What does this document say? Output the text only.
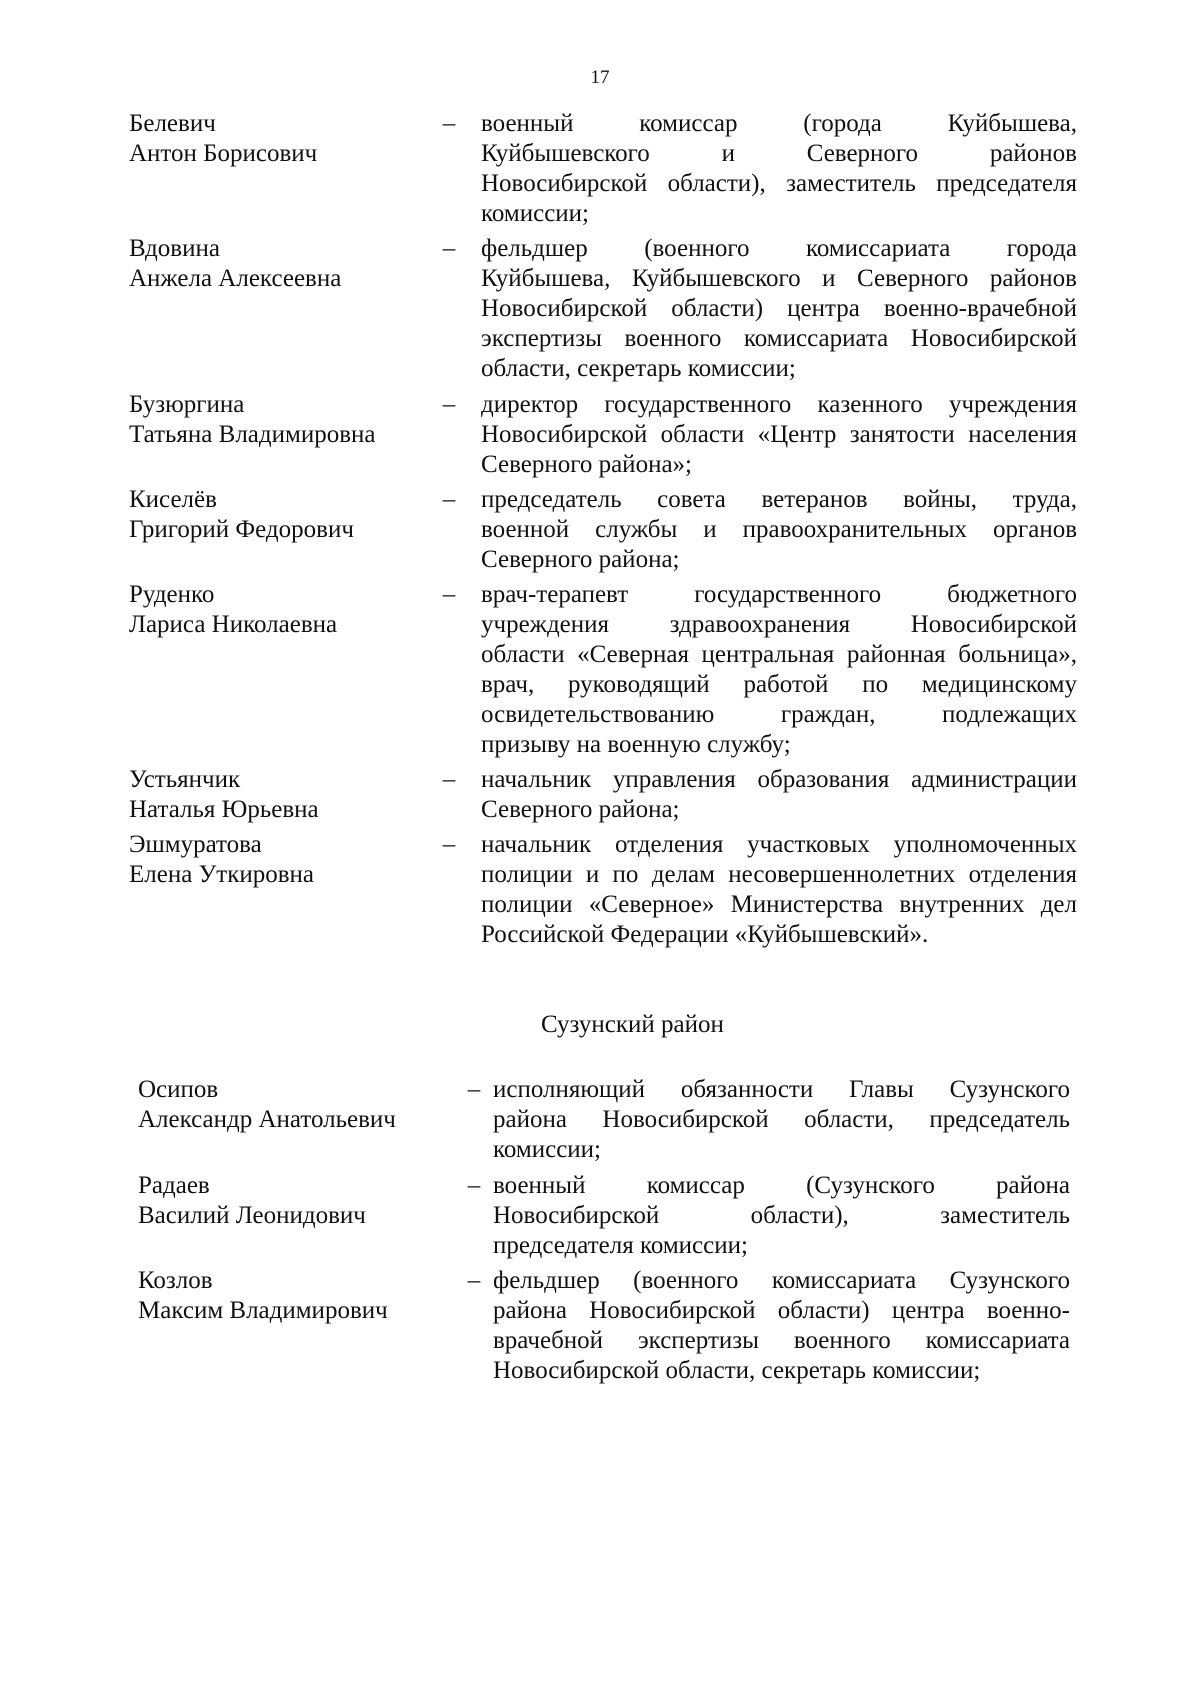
17
Белевич
Антон Борисович
–	военный комиссар (города Куйбышева,
Куйбышевского и Северного районов
Новосибирской области), заместитель председателя
комиссии;
Вдовина
Анжела Алексеевна
–	фельдшер (военного комиссариата города
Куйбышева, Куйбышевского и Северного районов
Новосибирской области) центра военно-врачебной
экспертизы военного комиссариата Новосибирской
области, секретарь комиссии;
Бузюргина
Татьяна Владимировна
–	директор государственного казенного учреждения
Новосибирской области «Центр занятости населения
Северного района»;
Киселёв
Григорий Федорович
–	председатель совета ветеранов войны, труда,
военной службы и правоохранительных органов
Северного района;
Руденко
Лариса Николаевна
–	врач-терапевт государственного бюджетного
учреждения здравоохранения Новосибирской
области «Северная центральная районная больница»,
врач, руководящий работой по медицинскому
освидетельствованию граждан, подлежащих
призыву на военную службу;
Устьянчик
Наталья Юрьевна
–	начальник управления образования администрации
Северного района;
Эшмуратова
Елена Уткировна
–	начальник отделения участковых уполномоченных
полиции и по делам несовершеннолетних отделения
полиции «Северное» Министерства внутренних дел
Российской Федерации «Куйбышевский».
Сузунский район
Осипов
Александр Анатольевич
– исполняющий обязанности Главы Сузунского
района Новосибирской области, председатель
комиссии;
Радаев
Василий Леонидович
– военный комиссар (Сузунского района
Новосибирской области), заместитель
председателя комиссии;
Козлов
Максим Владимирович
– фельдшер (военного комиссариата Сузунского
района Новосибирской области) центра военно-
врачебной экспертизы военного комиссариата
Новосибирской области, секретарь комиссии;
